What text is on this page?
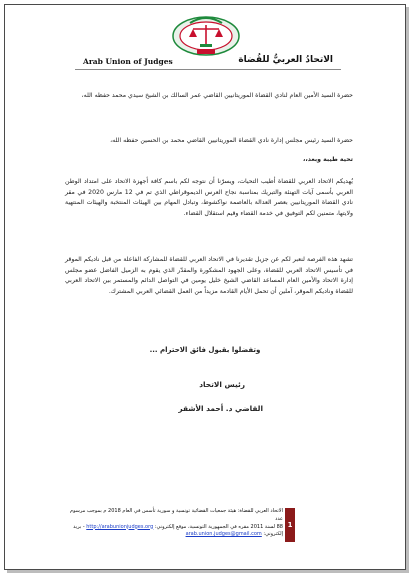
Arab Union of Judges	الاتحادُ العربيُّ للقُضاة
حضرة السيد الأمين العام لنادي القضاة الموريتانيين القاضي عمر السالك بن الشيخ سيدي محمد حفظه الله،
حضرة السيد رئيس مجلس إدارة نادي القضاة الموريتانيين القاضي محمد بن الحسين حفظه الله،
تحية طيبة وبعد،،
يُهديكم الاتحاد العربي للقضاة أطيب التحيات، ويسرّنا أن نتوجه لكم باسم كافة أجهزة الاتحاد على امتداد الوطن العربي بأسمى آيات التهنئة والتبريك بمناسبة نجاح العرس الديموقراطي الذي تم في 12 مارس 2020 في مقر نادي القضاة الموريتانيين بعصر العدالة بالعاصمة نواكشوط، وتبادل المهام بين الهيئات المنتخبة والهيئات المنتهية ولايتها، متمنين لكم التوفيق في خدمة القضاء وقيم استقلال القضاء.
تشهد هذه الفرصة لنعبر لكم عن جزيل تقديرنا في الاتحاد العربي للقضاة للمشاركة الفاعلة من قبل ناديكم الموقر في تأسيس الاتحاد العربي للقضاة، وعلى الجهود المشكورة والمقدّر الذي يقوم به الزميل الفاضل عضو مجلس إدارة الاتحاد والأمين العام المساعد القاضي الشيخ خليل يومين في التواصل الدائم والمستمر بين الاتحاد العربي للقضاة وناديكم الموقر، آملين أن تحمل الأيام القادمة مزيداً من العمل القضائي العربي المشترك.
وتفضلوا بقبول فائق الاحترام ...
رئيس الاتحاد
القاضي د. أحمد الأشقر
1
الاتحاد العربي للقضاة: هيئة جمعيات القضائية تونسية و سورية تأسس في العام 2018 م بموجب مرسوم عدد
88 لسنة 2011 مقره في الجمهورية التونسية، موقع إلكتروني: http://arabunionjudges.org - بريد
إلكتروني: arab.union.judges@gmail.com
